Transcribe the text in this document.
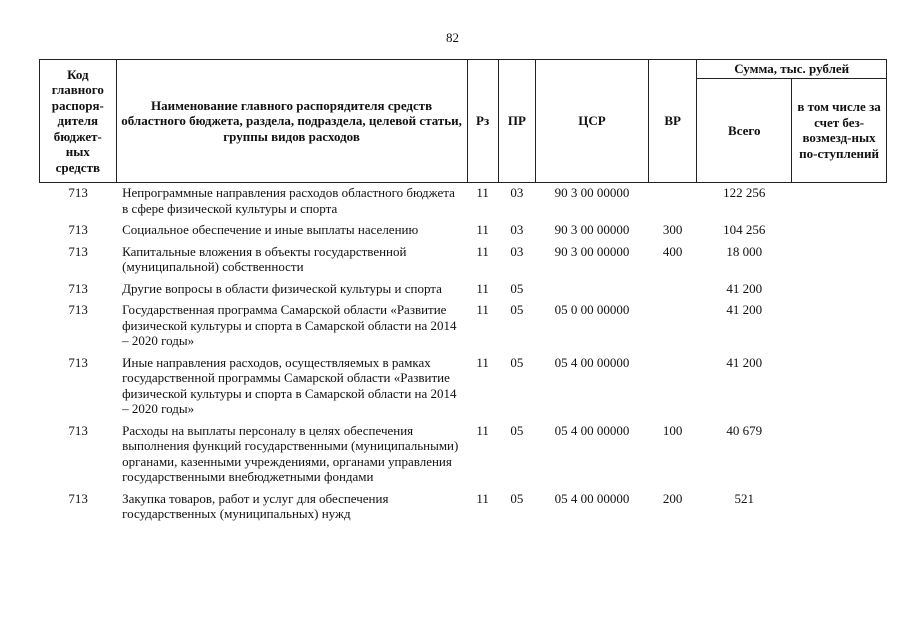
82
Код главного распоря-дителя бюджет-ных средств	Наименование главного распорядителя средств областного бюджета, раздела, подраздела, целевой статьи, группы видов расходов	Рз	ПР	ЦСР	ВР	Сумма, тыс. рублей	
						Всего	в том числе за счет без-возмезд-ных по-ступлений
713	Непрограммные направления расходов областного бюджета в сфере физической культуры и спорта	11	03	90 3 00 00000		122 256	
713	Социальное обеспечение и иные выплаты населению	11	03	90 3 00 00000	300	104 256	
713	Капитальные вложения в объекты государственной (муниципальной) собственности	11	03	90 3 00 00000	400	18 000	
713	Другие вопросы в области физической культуры и спорта	11	05			41 200	
713	Государственная программа Самарской области «Развитие физической культуры и спорта в Самарской области на 2014 – 2020 годы»	11	05	05 0 00 00000		41 200	
713	Иные направления расходов, осуществляемых в рамках государственной программы Самарской области «Развитие физической культуры и спорта в Самарской области на 2014 – 2020 годы»	11	05	05 4 00 00000		41 200	
713	Расходы на выплаты персоналу в целях обеспечения выполнения функций государственными (муниципальными) органами, казенными учреждениями, органами управления государственными внебюджетными фондами	11	05	05 4 00 00000	100	40 679	
713	Закупка товаров, работ и услуг для обеспечения государственных (муниципальных) нужд	11	05	05 4 00 00000	200	521	
